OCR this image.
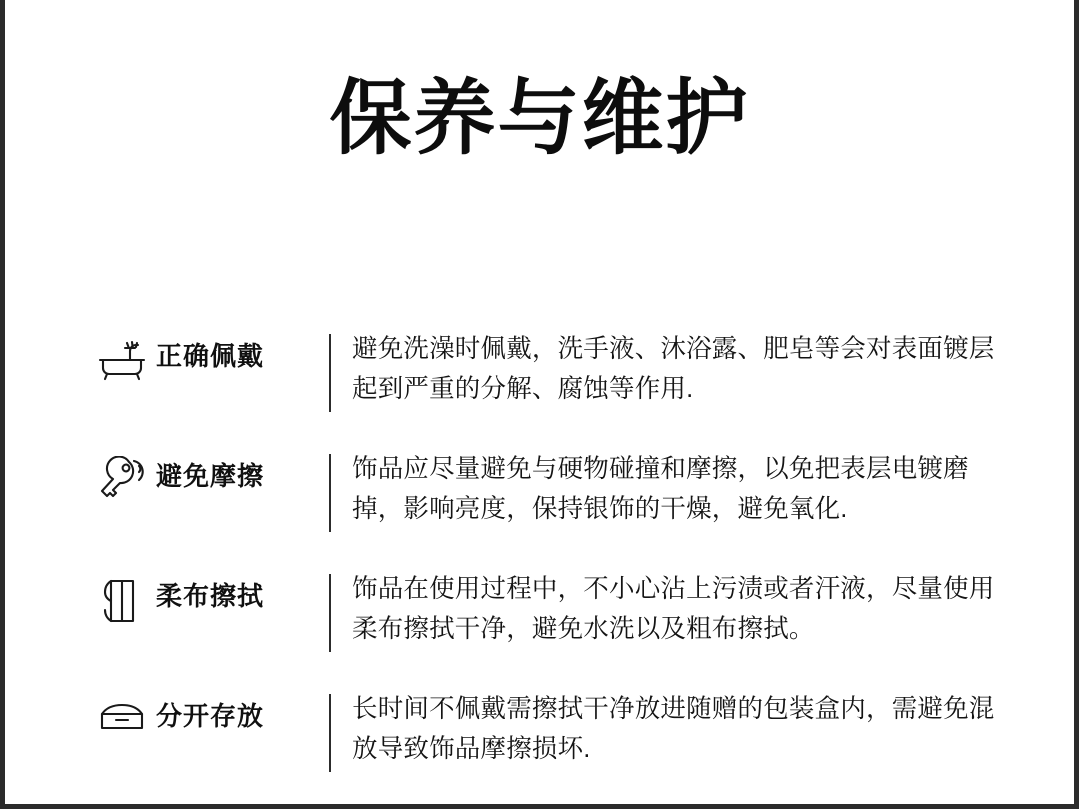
保养与维护
正确佩戴	避免洗澡时佩戴，洗手液、沐浴露、肥皂等会对表面镀层起到严重的分解、腐蚀等作用.
避免摩擦	饰品应尽量避免与硬物碰撞和摩擦，以免把表层电镀磨掉，影响亮度，保持银饰的干燥，避免氧化.
柔布擦拭	饰品在使用过程中，不小心沾上污渍或者汗液，尽量使用柔布擦拭干净，避免水洗以及粗布擦拭。
分开存放	长时间不佩戴需擦拭干净放进随赠的包装盒内，需避免混放导致饰品摩擦损坏.
